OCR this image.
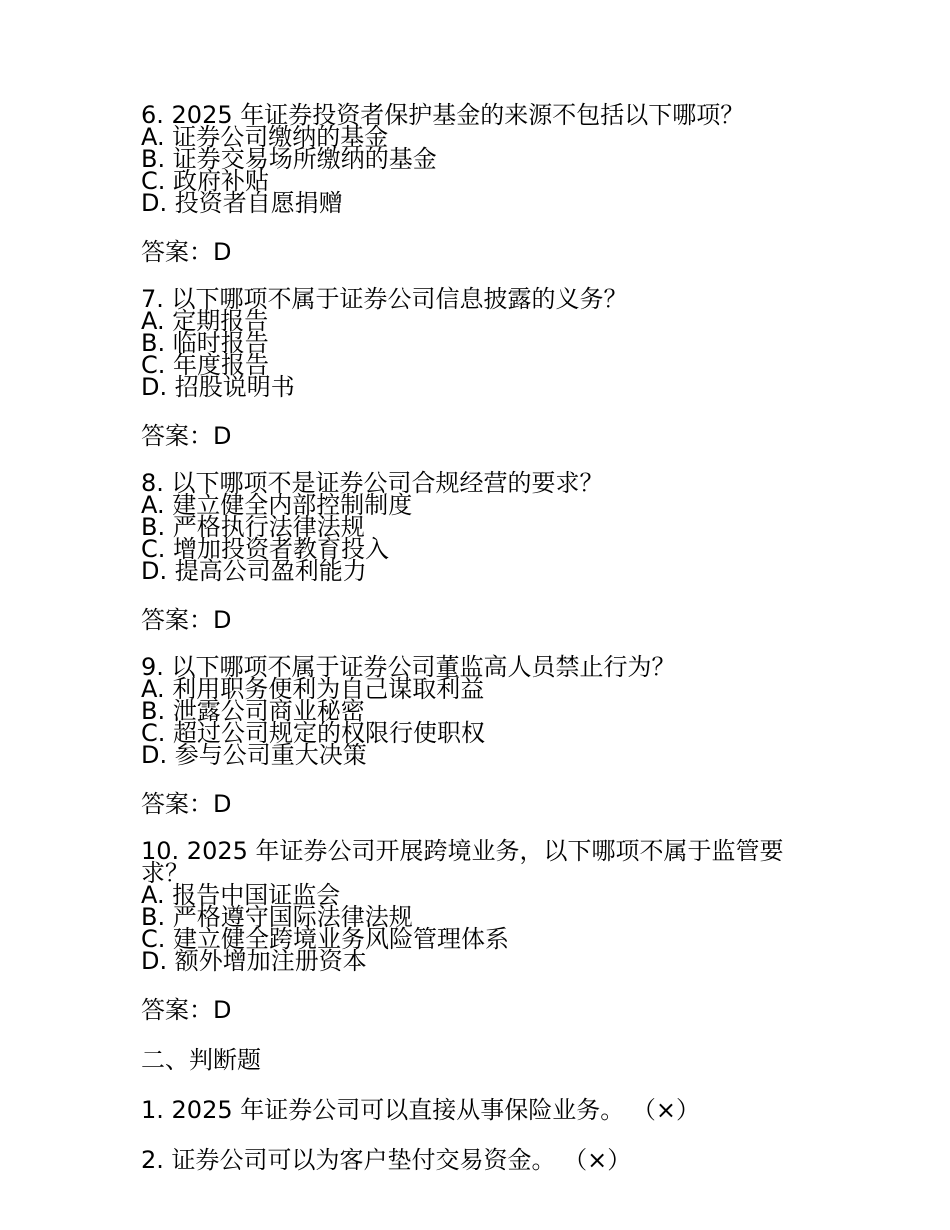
6. 2025 年证券投资者保护基金的来源不包括以下哪项？
A. 证券公司缴纳的基金
B. 证券交易场所缴纳的基金
C. 政府补贴
D. 投资者自愿捐赠
答案：D
7. 以下哪项不属于证券公司信息披露的义务？
A. 定期报告
B. 临时报告
C. 年度报告
D. 招股说明书
答案：D
8. 以下哪项不是证券公司合规经营的要求？
A. 建立健全内部控制制度
B. 严格执行法律法规
C. 增加投资者教育投入
D. 提高公司盈利能力
答案：D
9. 以下哪项不属于证券公司董监高人员禁止行为？
A. 利用职务便利为自己谋取利益
B. 泄露公司商业秘密
C. 超过公司规定的权限行使职权
D. 参与公司重大决策
答案：D
10. 2025 年证券公司开展跨境业务，以下哪项不属于监管要求？
A. 报告中国证监会
B. 严格遵守国际法律法规
C. 建立健全跨境业务风险管理体系
D. 额外增加注册资本
答案：D
二、判断题
1. 2025 年证券公司可以直接从事保险业务。 （×）
2. 证券公司可以为客户垫付交易资金。 （×）
